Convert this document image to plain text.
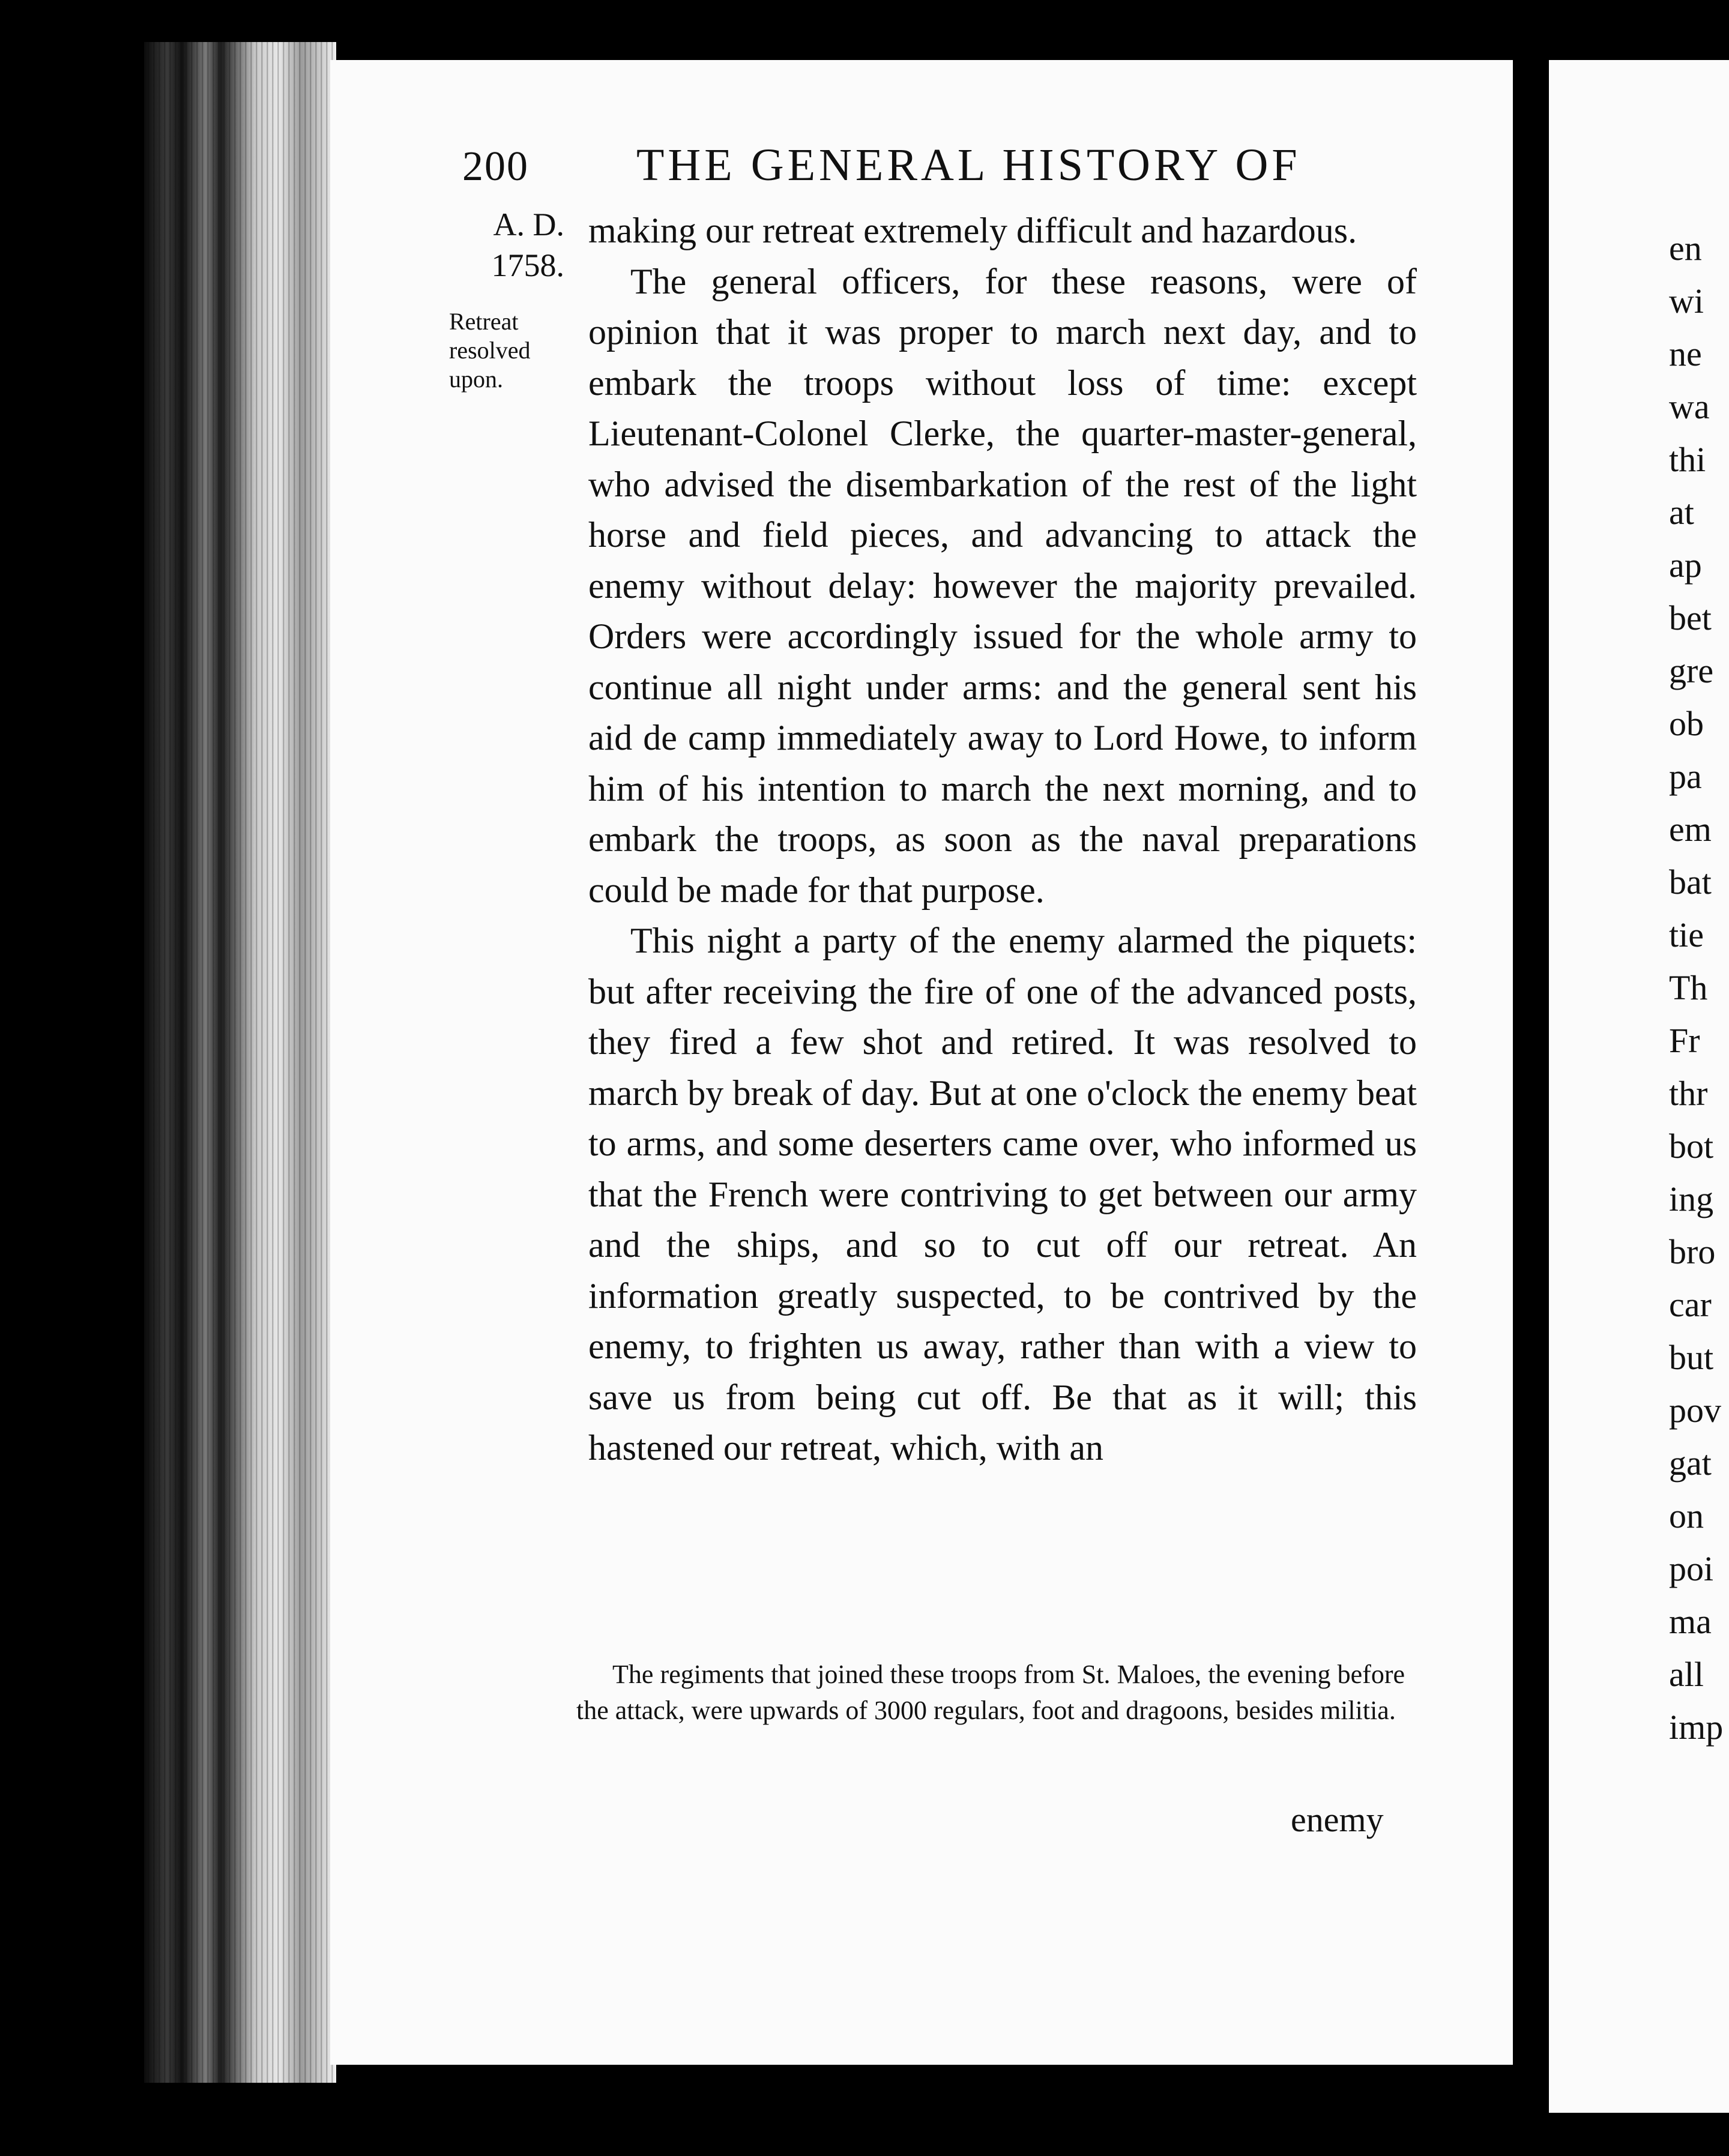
200 THE GENERAL HISTORY OF
A. D.
1758.
Retreat
resolved
upon.

making our retreat extremely difficult and hazardous.

The general officers, for these reasons, were of opinion that it was proper to march next day, and to embark the troops without loss of time: except Lieutenant-Colonel Clerke, the quarter-master-general, who advised the disembarkation of the rest of the light horse and field pieces, and advancing to attack the enemy without delay: however the majority prevailed. Orders were accordingly issued for the whole army to continue all night under arms: and the general sent his aid de camp immediately away to Lord Howe, to inform him of his intention to march the next morning, and to embark the troops, as soon as the naval preparations could be made for that purpose.

This night a party of the enemy alarmed the piquets: but after receiving the fire of one of the advanced posts, they fired a few shot and retired. It was resolved to march by break of day. But at one o'clock the enemy beat to arms, and some deserters came over, who informed us that the French were contriving to get between our army and the ships, and so to cut off our retreat. An information greatly suspected, to be contrived by the enemy, to frighten us away, rather than with a view to save us from being cut off. Be that as it will; this hastened our retreat, which, with an

The regiments that joined these troops from St. Maloes, the evening before the attack, were upwards of 3000 regulars, foot and dragoons, besides militia.

enemy
en
wi
ne
wa
thi
at
ap
bet
gre
ob
pa
em
bat
tie
Th
Fr
thr
bot
ing
bro
car
but
pov
gat
on
poi
ma
all
imp
